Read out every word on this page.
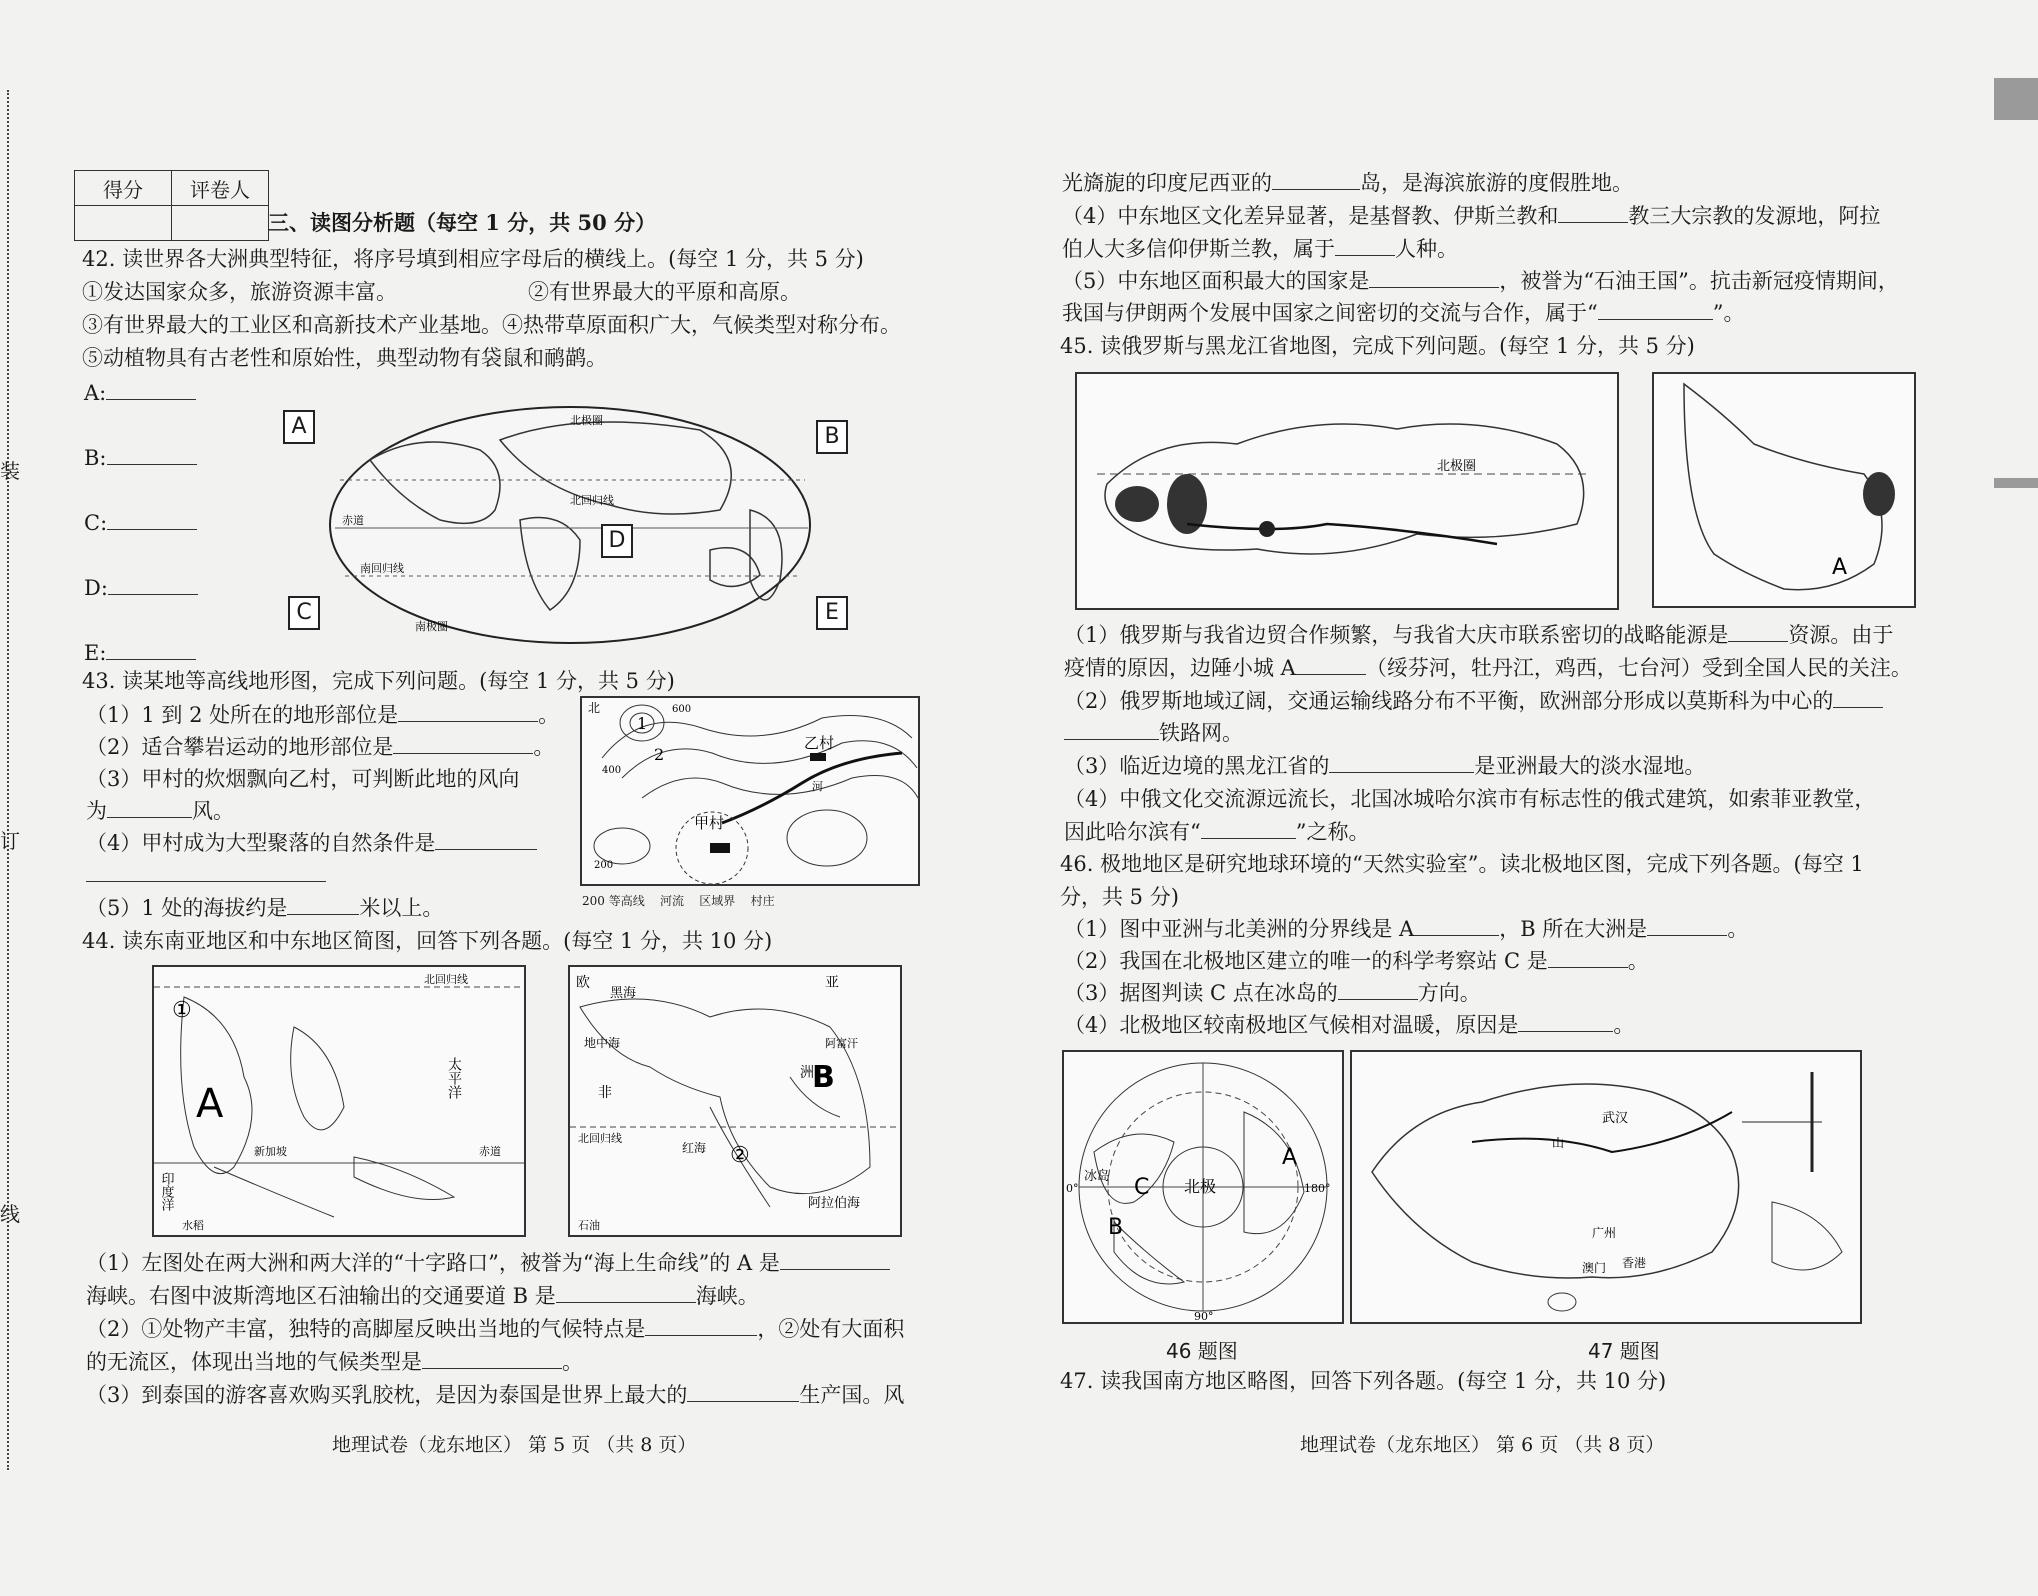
装
订
线
得分	评卷人

三、读图分析题（每空 1 分，共 50 分）
42. 读世界各大洲典型特征，将序号填到相应字母后的横线上。(每空 1 分，共 5 分)
①发达国家众多，旅游资源丰富。	②有世界最大的平原和高原。
③有世界最大的工业区和高新技术产业基地。④热带草原面积广大，气候类型对称分布。
⑤动植物具有古老性和原始性，典型动物有袋鼠和鸸鹋。
A:
B:
C:
D:
E:
北极圈
北回归线
赤道
南回归线
南极圈
A	B
C
D
E
43. 读某地等高线地形图，完成下列问题。(每空 1 分，共 5 分)
（1）1 到 2 处所在的地形部位是	。
（2）适合攀岩运动的地形部位是	。
（3）甲村的炊烟飘向乙村，可判断此地的风向
为	风。
（4）甲村成为大型聚落的自然条件是
（5）1 处的海拔约是	米以上。
北
1
2
甲村
乙村
河
400
600
200
200 等高线 河流 区域界 村庄
44. 读东南亚地区和中东地区简图，回答下列各题。(每空 1 分，共 10 分)
①
A
北回归线
太平洋
新加坡	赤道
印度洋
水稻
欧	亚
黑海
地中海
非
洲
B
北回归线
红海 ②
阿拉伯海
阿富汗
石油
（1）左图处在两大洲和两大洋的“十字路口”，被誉为“海上生命线”的 A 是
海峡。右图中波斯湾地区石油输出的交通要道 B 是	海峡。
（2）①处物产丰富，独特的高脚屋反映出当地的气候特点是	，②处有大面积
的无流区，体现出当地的气候类型是	。
（3）到泰国的游客喜欢购买乳胶枕，是因为泰国是世界上最大的	生产国。风
地理试卷（龙东地区） 第 5 页 （共 8 页）
光旖旎的印度尼西亚的	岛，是海滨旅游的度假胜地。
（4）中东地区文化差异显著，是基督教、伊斯兰教和	教三大宗教的发源地，阿拉
伯人大多信仰伊斯兰教，属于	人种。
（5）中东地区面积最大的国家是	，被誉为“石油王国”。抗击新冠疫情期间，
我国与伊朗两个发展中国家之间密切的交流与合作，属于“	”。
45. 读俄罗斯与黑龙江省地图，完成下列问题。(每空 1 分，共 5 分)
北极圈
A
（1）俄罗斯与我省边贸合作频繁，与我省大庆市联系密切的战略能源是	资源。由于
疫情的原因，边陲小城 A	（绥芬河，牡丹江，鸡西，七台河）受到全国人民的关注。
（2）俄罗斯地域辽阔，交通运输线路分布不平衡，欧洲部分形成以莫斯科为中心的
铁路网。
（3）临近边境的黑龙江省的	是亚洲最大的淡水湿地。
（4）中俄文化交流源远流长，北国冰城哈尔滨市有标志性的俄式建筑，如索菲亚教堂，
因此哈尔滨有“	”之称。
46. 极地地区是研究地球环境的“天然实验室”。读北极地区图，完成下列各题。(每空 1
分，共 5 分)
（1）图中亚洲与北美洲的分界线是 A	，B 所在大洲是	。
（2）我国在北极地区建立的唯一的科学考察站 C 是	。
（3）据图判读 C 点在冰岛的	方向。
（4）北极地区较南极地区气候相对温暖，原因是	。
冰岛 C 北极
A
B
0°	180°
90°
武汉
广州
澳门 香港
山
46 题图	47 题图
47. 读我国南方地区略图，回答下列各题。(每空 1 分，共 10 分)
地理试卷（龙东地区） 第 6 页 （共 8 页）
